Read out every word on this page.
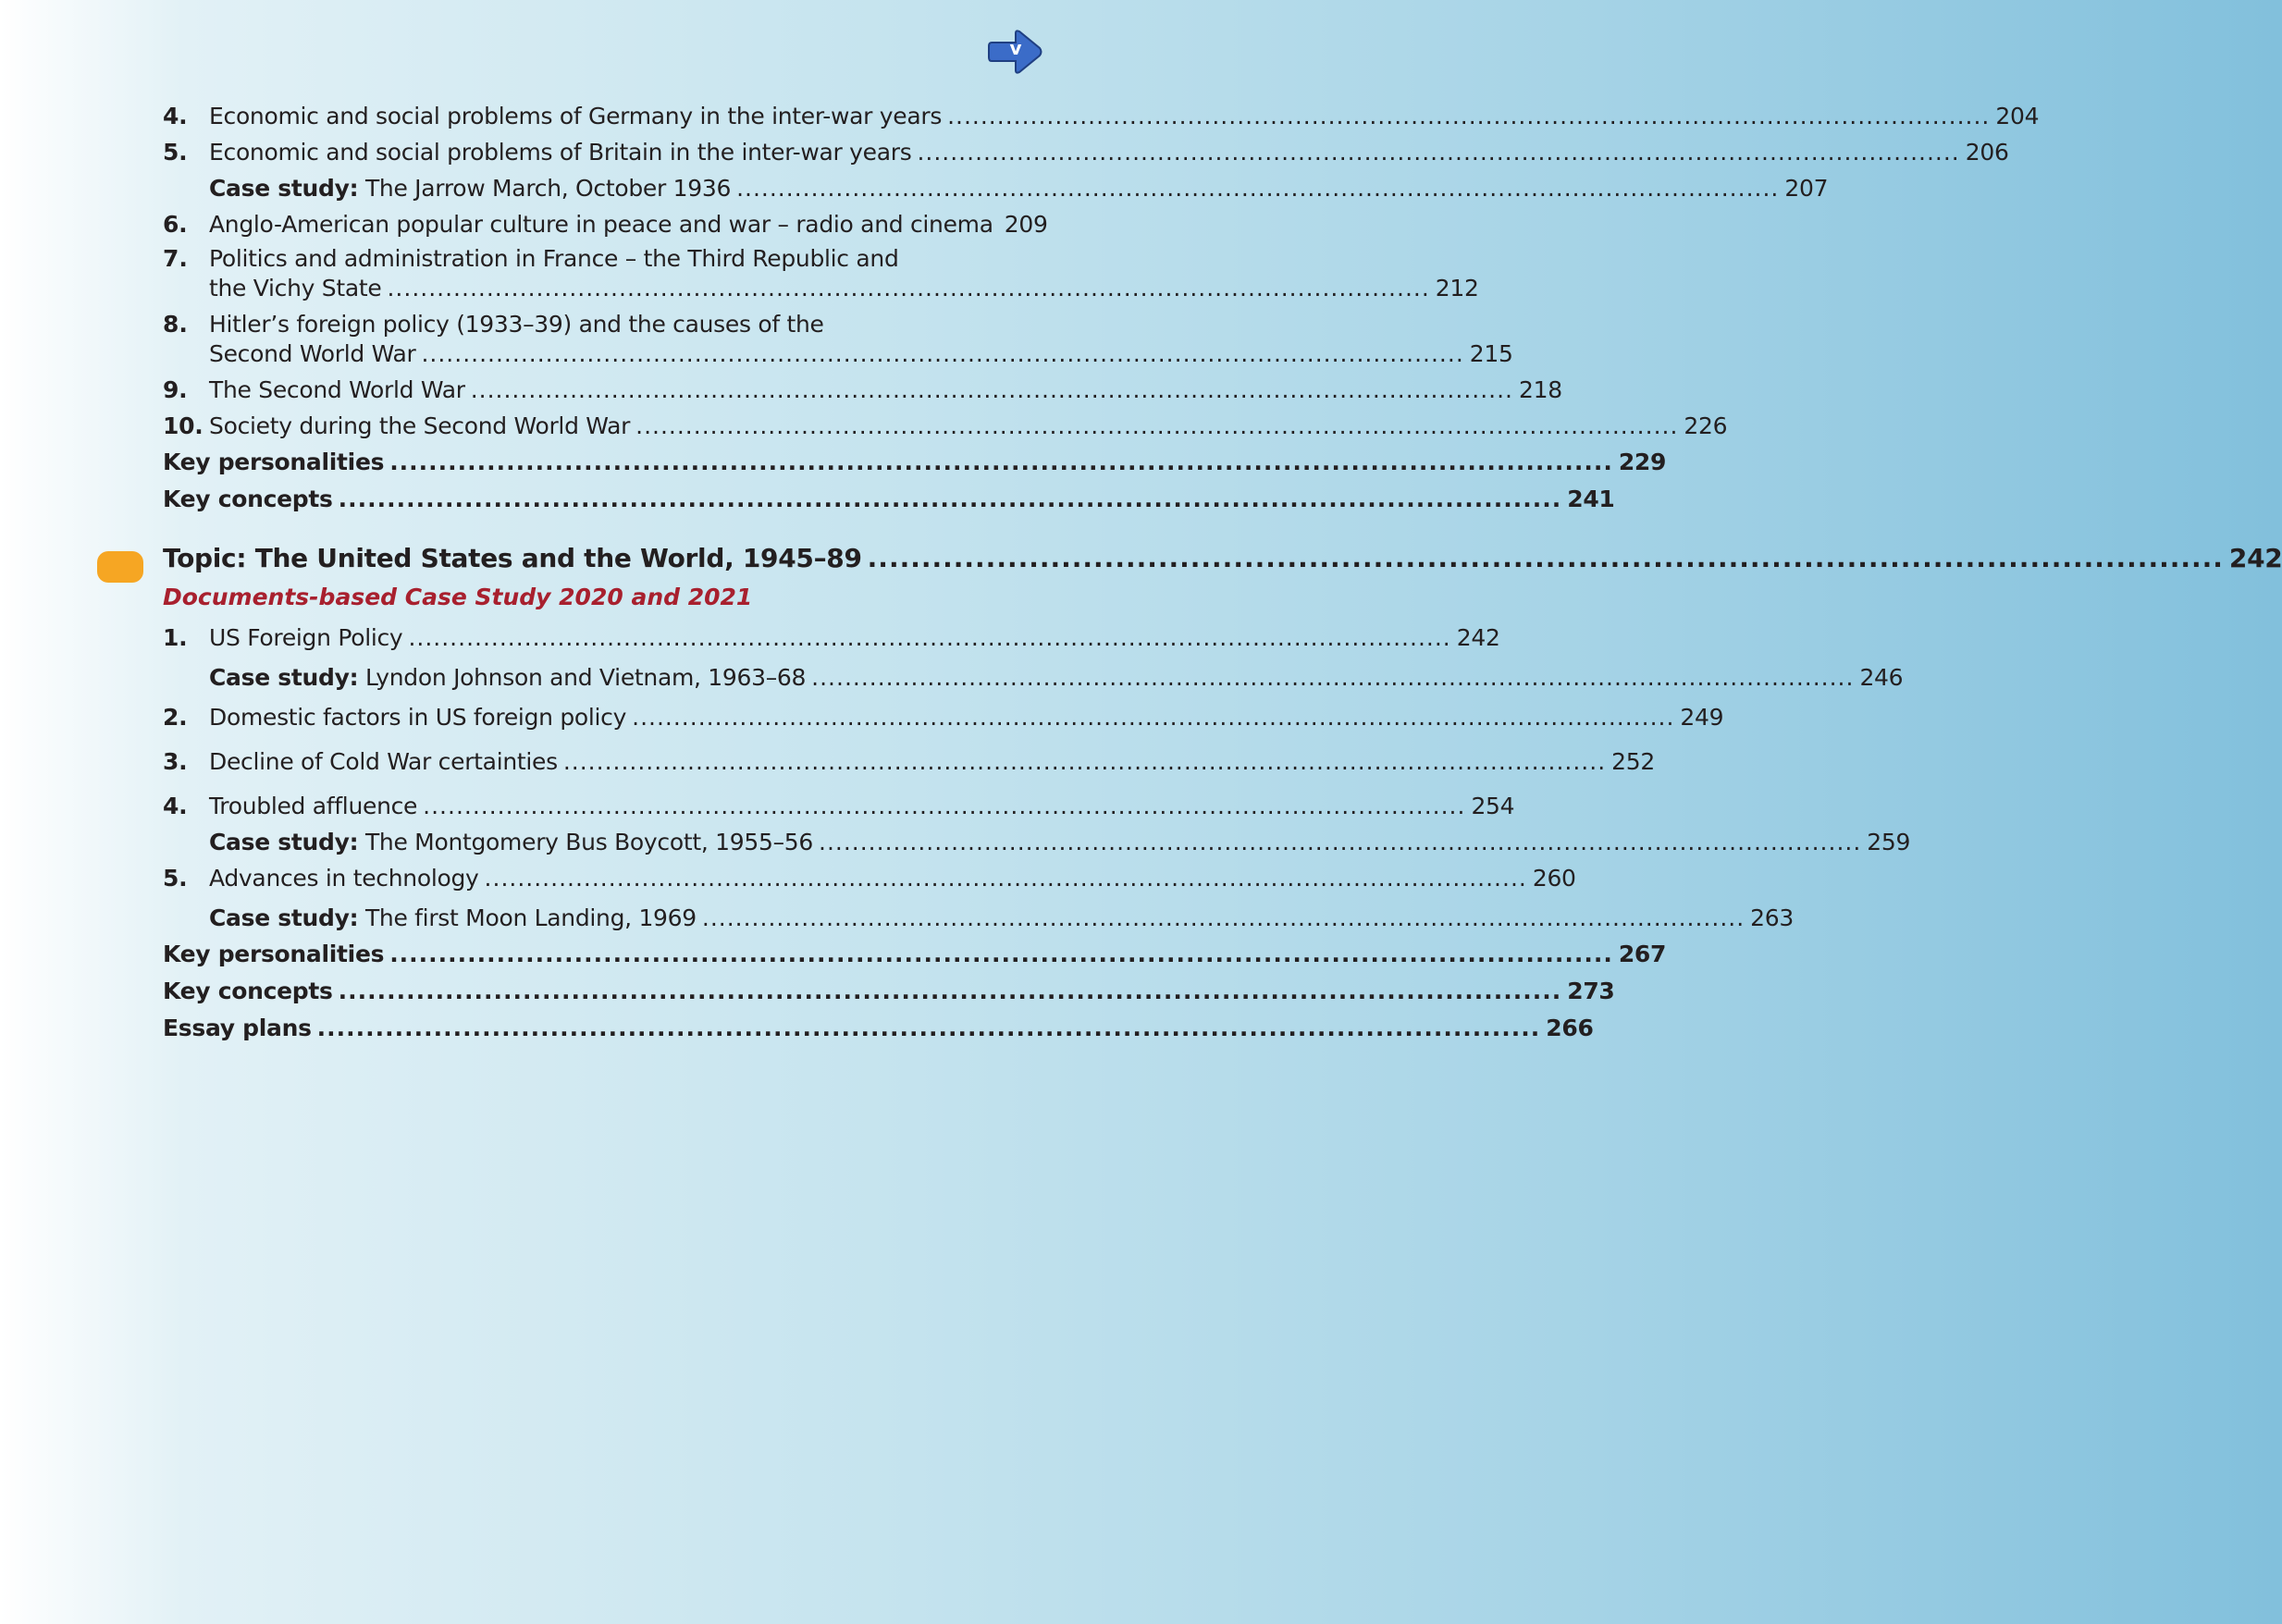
v
4. Economic and social problems of Germany in the inter-war years .............................................................................................................................. 204
5. Economic and social problems of Britain in the inter-war years .............................................................................................................................. 206
Case study: The Jarrow March, October 1936 .............................................................................................................................. 207
6. Anglo-American popular culture in peace and war – radio and cinema 209
7. Politics and administration in France – the Third Republic and
the Vichy State .............................................................................................................................. 212
8. Hitler’s foreign policy (1933–39) and the causes of the
Second World War .............................................................................................................................. 215
9. The Second World War .............................................................................................................................. 218
10. Society during the Second World War .............................................................................................................................. 226
Key personalities .............................................................................................................................. 229
Key concepts .............................................................................................................................. 241
Topic: The United States and the World, 1945–89 .............................................................................................................................. 242
Documents-based Case Study 2020 and 2021
1. US Foreign Policy .............................................................................................................................. 242
Case study: Lyndon Johnson and Vietnam, 1963–68 .............................................................................................................................. 246
2. Domestic factors in US foreign policy .............................................................................................................................. 249
3. Decline of Cold War certainties .............................................................................................................................. 252
4. Troubled affluence .............................................................................................................................. 254
Case study: The Montgomery Bus Boycott, 1955–56 .............................................................................................................................. 259
5. Advances in technology .............................................................................................................................. 260
Case study: The first Moon Landing, 1969 .............................................................................................................................. 263
Key personalities .............................................................................................................................. 267
Key concepts .............................................................................................................................. 273
Essay plans .............................................................................................................................. 266
